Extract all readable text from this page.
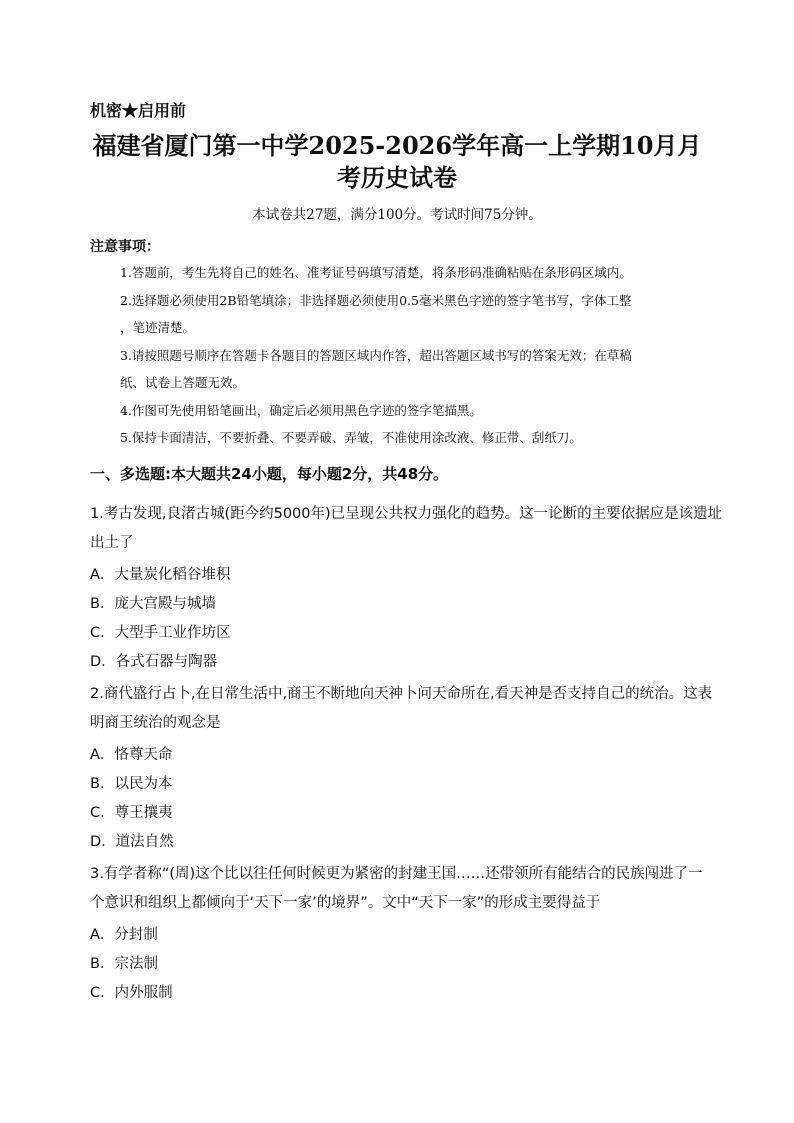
机密★启用前
福建省厦门第一中学2025-2026学年高一上学期10月月
考历史试卷
本试卷共27题，满分100分。考试时间75分钟。
注意事项：
1.答题前，考生先将自己的姓名、准考证号码填写清楚，将条形码准确粘贴在条形码区域内。
2.选择题必须使用2B铅笔填涂；非选择题必须使用0.5毫米黑色字迹的签字笔书写，字体工整
，笔迹清楚。
3.请按照题号顺序在答题卡各题目的答题区域内作答，超出答题区域书写的答案无效；在草稿
纸、试卷上答题无效。
4.作图可先使用铅笔画出，确定后必须用黑色字迹的签字笔描黑。
5.保持卡面清洁，不要折叠、不要弄破、弄皱，不准使用涂改液、修正带、刮纸刀。
一、多选题:本大题共24小题，每小题2分，共48分。
1.考古发现,良渚古城(距今约5000年)已呈现公共权力强化的趋势。这一论断的主要依据应是该遗址
出土了
A．大量炭化稻谷堆积
B．庞大宫殿与城墙
C．大型手工业作坊区
D．各式石器与陶器
2.商代盛行占卜,在日常生活中,商王不断地向天神卜问天命所在,看天神是否支持自己的统治。这表
明商王统治的观念是
A．恪尊天命
B．以民为本
C．尊王攘夷
D．道法自然
3.有学者称“(周)这个比以往任何时候更为紧密的封建王国……还带领所有能结合的民族闯进了一
个意识和组织上都倾向于‘天下一家’的境界”。文中“天下一家”的形成主要得益于
A．分封制
B．宗法制
C．内外服制
